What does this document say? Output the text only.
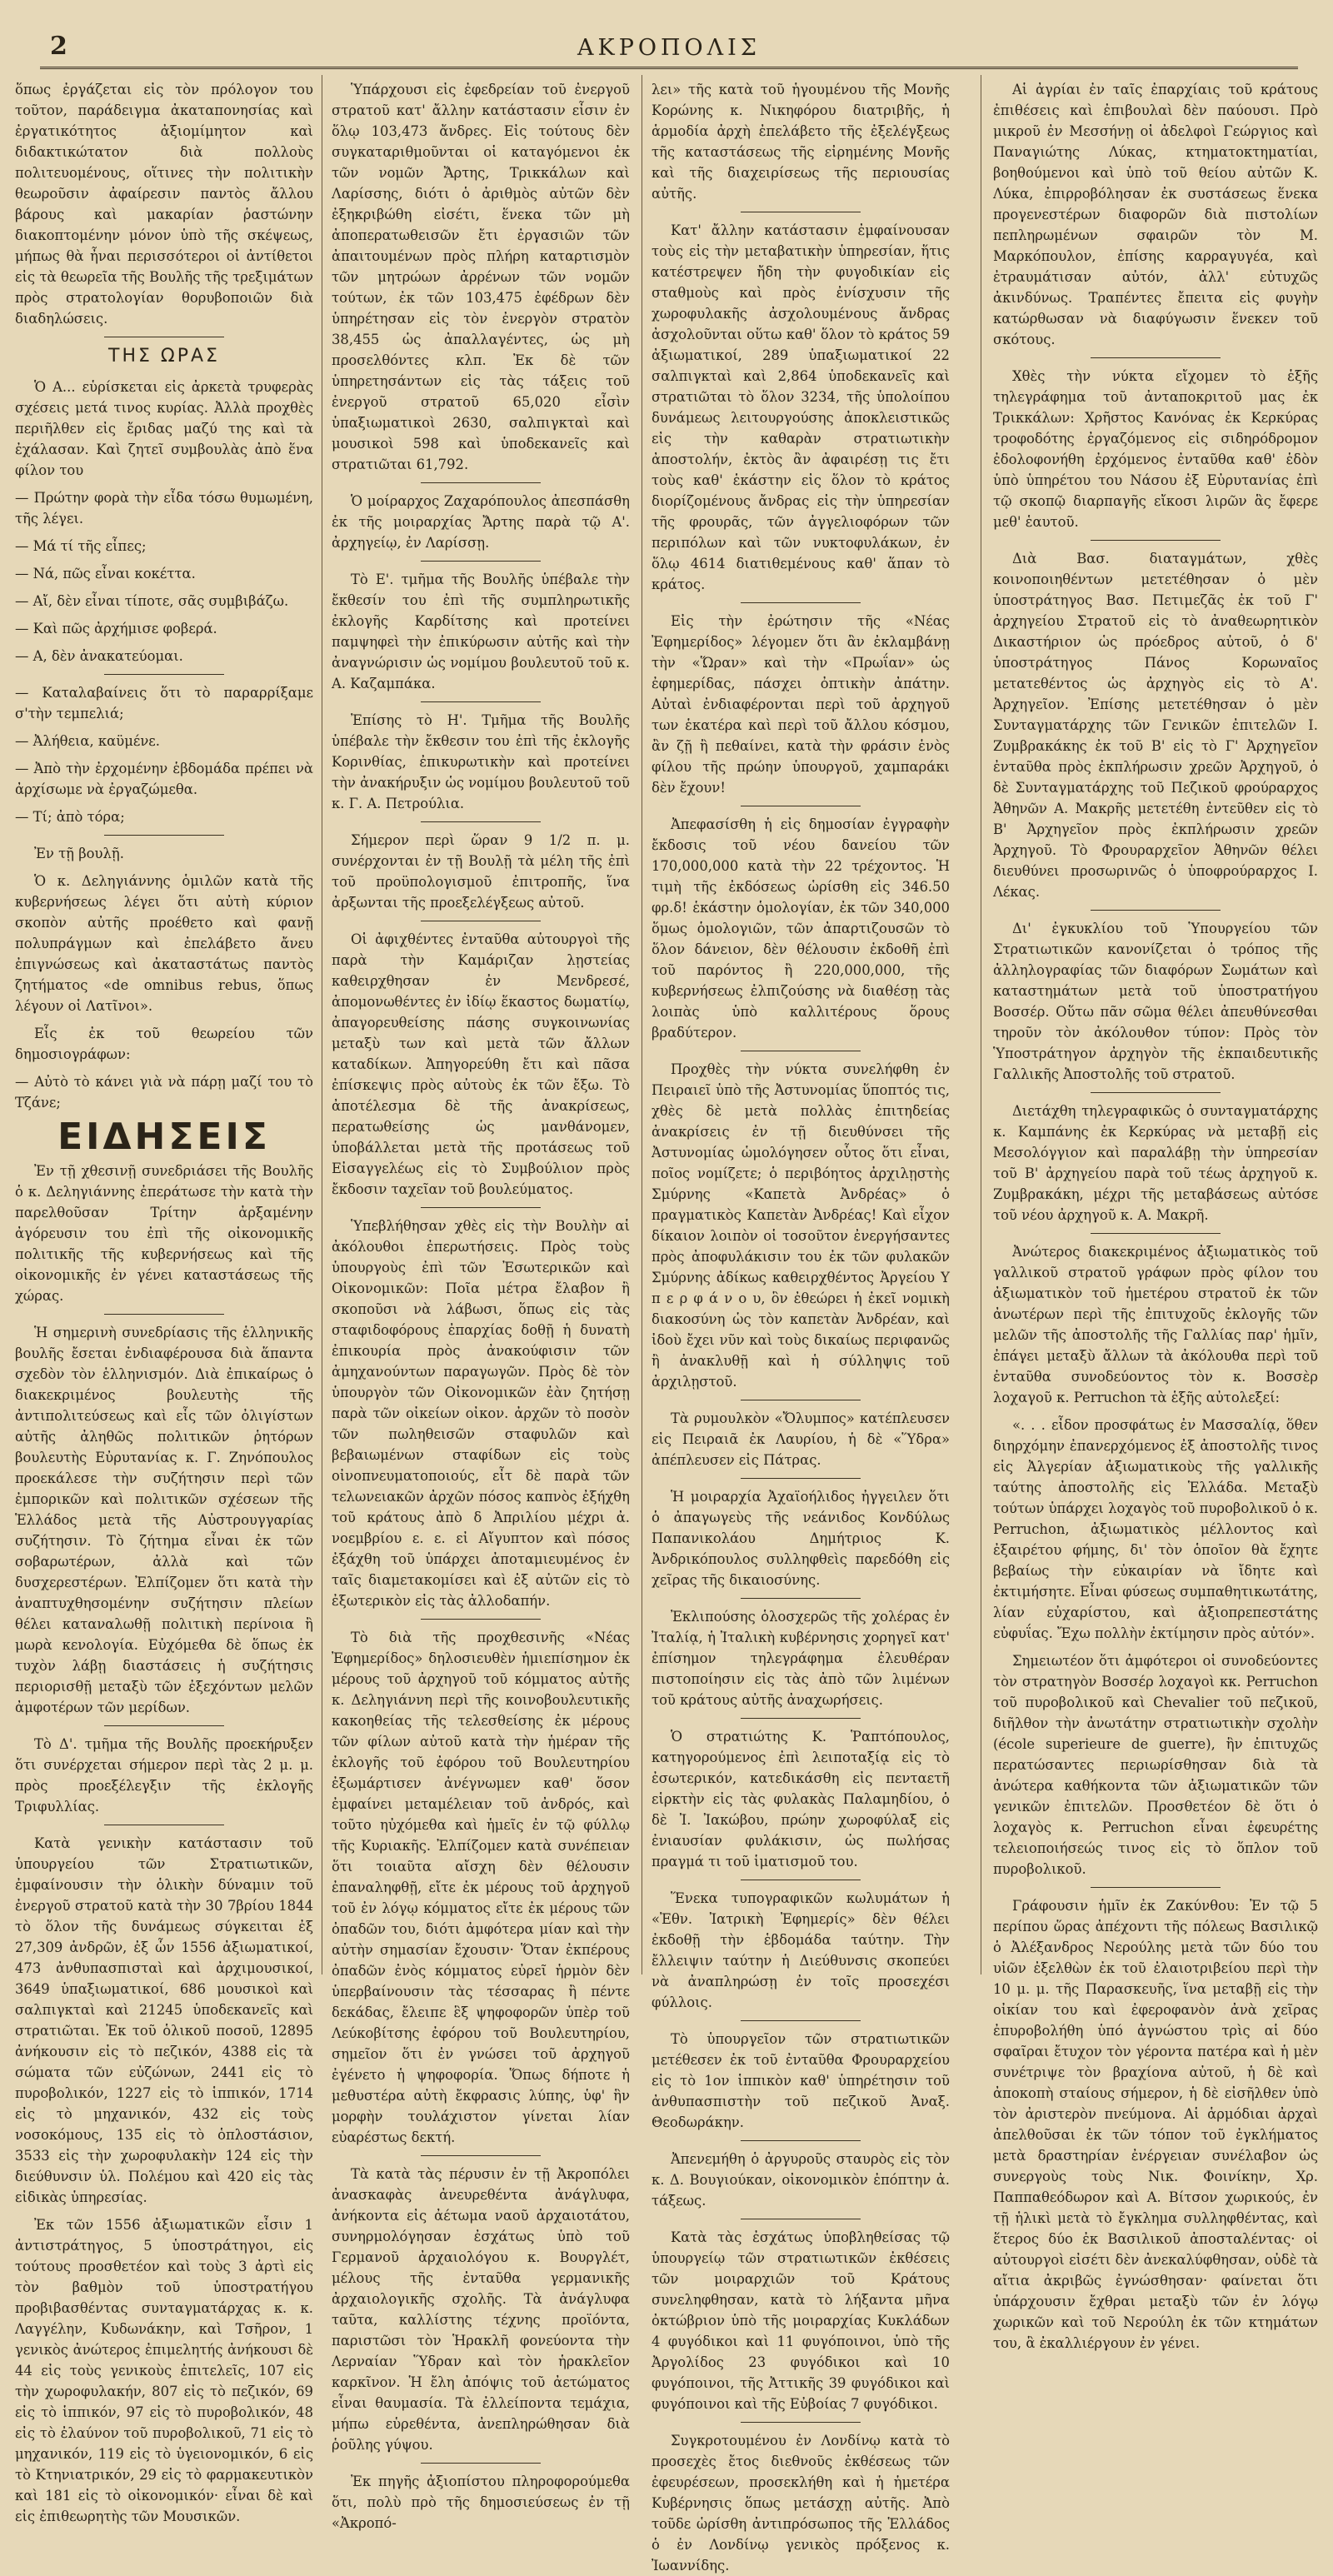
2	ΑΚΡΟΠΟΛΙΣ

ὅπως ἐργάζεται εἰς τὸν πρόλογον του τοῦτον, παράδειγμα ἀκαταπονησίας καὶ ἐργατικότητος ἀξιομίμητον καὶ διδακτικώτατον διὰ πολλοὺς πολιτευομένους, οἵτινες τὴν πολιτικὴν θεωροῦσιν ἀφαίρεσιν παντὸς ἄλλου βάρους καὶ μακαρίαν ῥαστώνην διακοπτομένην μόνον ὑπὸ τῆς σκέψεως, μήπως θὰ ἦναι περισσότεροι οἱ ἀντίθετοι εἰς τὰ θεωρεῖα τῆς Βουλῆς τῆς τρεξιμάτων πρὸς στρατολογίαν θορυβοποιῶν διὰ διαδηλώσεις.

ΤΗΣ ΩΡΑΣ

Ὁ Α... εὑρίσκεται εἰς ἀρκετὰ τρυφερὰς σχέσεις μετά τινος κυρίας. Ἀλλὰ προχθὲς περιῆλθεν εἰς ἔριδας μαζύ της καὶ τὰ ἐχάλασαν. Καὶ ζητεῖ συμβουλὰς ἀπὸ ἕνα φίλον του

— Πρώτην φορὰ τὴν εἶδα τόσω θυμωμένη, τῆς λέγει.

— Μά τί τῆς εἶπες;

— Νά, πῶς εἶναι κοκέττα.

— Αἴ, δὲν εἶναι τίποτε, σᾶς συμβιβάζω.

— Καὶ πῶς ἀρχήμισε φοβερά.

— Α, δὲν ἀνακατεύομαι.

— Καταλαβαίνεις ὅτι τὸ παραρρίξαμε σ'τὴν τεμπελιά;

— Ἀλήθεια, καϋμένε.

— Ἀπὸ τὴν ἐρχομένην ἑβδομάδα πρέπει νὰ ἀρχίσωμε νὰ ἐργαζώμεθα.

— Τί; ἀπὸ τόρα;

Ἐν τῇ βουλῇ.

Ὁ κ. Δεληγιάννης ὁμιλῶν κατὰ τῆς κυβερνήσεως λέγει ὅτι αὐτὴ κύριον σκοπὸν αὐτῆς προέθετο καὶ φανῇ πολυπράγμων καὶ ἐπελάβετο ἄνευ ἐπιγνώσεως καὶ ἀκαταστάτως παντὸς ζητήματος «de omnibus rebus, ὅπως λέγουν οἱ Λατῖνοι».

Εἷς ἐκ τοῦ θεωρείου τῶν δημοσιογράφων:

— Αὐτὸ τὸ κάνει γιὰ νὰ πάρῃ μαζί του τὸ Τζάνε;

ΕΙΔΗΣΕΙΣ

Ἐν τῇ χθεσινῇ συνεδριάσει τῆς Βουλῆς ὁ κ. Δεληγιάννης ἐπεράτωσε τὴν κατὰ τὴν παρελθοῦσαν Τρίτην ἀρξαμένην ἀγόρευσιν του ἐπὶ τῆς οἰκονομικῆς πολιτικῆς τῆς κυβερνήσεως καὶ τῆς οἰκονομικῆς ἐν γένει καταστάσεως τῆς χώρας.

Ἡ σημερινὴ συνεδρίασις τῆς ἑλληνικῆς βουλῆς ἔσεται ἐνδιαφέρουσα διὰ ἅπαντα σχεδὸν τὸν ἑλληνισμόν. Διὰ ἐπικαίρως ὁ διακεκριμένος βουλευτὴς τῆς ἀντιπολιτεύσεως καὶ εἷς τῶν ὀλιγίστων αὐτῆς ἀληθῶς πολιτικῶν ῥητόρων βουλευτὴς Εὐρυτανίας κ. Γ. Ζηνόπουλος προεκάλεσε τὴν συζήτησιν περὶ τῶν ἐμπορικῶν καὶ πολιτικῶν σχέσεων τῆς Ἑλλάδος μετὰ τῆς Αὐστρουγγαρίας συζήτησιν. Τὸ ζήτημα εἶναι ἐκ τῶν σοβαρωτέρων, ἀλλὰ καὶ τῶν δυσχερεστέρων. Ἐλπίζομεν ὅτι κατὰ τὴν ἀναπτυχθησομένην συζήτησιν πλείων θέλει καταναλωθῇ πολιτικὴ περίνοια ἢ μωρὰ κενολογία. Εὐχόμεθα δὲ ὅπως ἐκ τυχὸν λάβῃ διαστάσεις ἡ συζήτησις περιορισθῇ μεταξὺ τῶν ἐξεχόντων μελῶν ἀμφοτέρων τῶν μερίδων.

Τὸ Δ'. τμῆμα τῆς Βουλῆς προεκήρυξεν ὅτι συνέρχεται σήμερον περὶ τὰς 2 μ. μ. πρὸς προεξέλεγξιν τῆς ἐκλογῆς Τριφυλλίας.

Κατὰ γενικὴν κατάστασιν τοῦ ὑπουργείου τῶν Στρατιωτικῶν, ἐμφαίνουσιν τὴν ὁλικὴν δύναμιν τοῦ ἐνεργοῦ στρατοῦ κατὰ τὴν 30 7βρίου 1844 τὸ ὅλον τῆς δυνάμεως σύγκειται ἐξ 27,309 ἀνδρῶν, ἐξ ὧν 1556 ἀξιωματικοί, 473 ἀνθυπασπισταὶ καὶ ἀρχιμουσικοί, 3649 ὑπαξιωματικοί, 686 μουσικοὶ καὶ σαλπιγκταὶ καὶ 21245 ὑποδεκανεῖς καὶ στρατιῶται. Ἐκ τοῦ ὁλικοῦ ποσοῦ, 12895 ἀνήκουσιν εἰς τὸ πεζικόν, 4388 εἰς τὰ σώματα τῶν εὐζώνων, 2441 εἰς τὸ πυροβολικόν, 1227 εἰς τὸ ἱππικόν, 1714 εἰς τὸ μηχανικόν, 432 εἰς τοὺς νοσοκόμους, 135 εἰς τὸ ὁπλοστάσιον, 3533 εἰς τὴν χωροφυλακὴν 124 εἰς τὴν διεύθυνσιν ὑλ. Πολέμου καὶ 420 εἰς τὰς εἰδικὰς ὑπηρεσίας.

Ἐκ τῶν 1556 ἀξιωματικῶν εἶσιν 1 ἀντιστράτηγος, 5 ὑποστράτηγοι, εἰς τούτους προσθετέον καὶ τοὺς 3 ἀρτὶ εἰς τὸν βαθμὸν τοῦ ὑποστρατήγου προβιβασθέντας συνταγματάρχας κ. κ. Λαγγέλην, Κυδωνάκην, καὶ Τσῆρον, 1 γενικὸς ἀνώτερος ἐπιμελητής ἀνήκουσι δὲ 44 εἰς τοὺς γενικοὺς ἐπιτελεῖς, 107 εἰς τὴν χωροφυλακήν, 807 εἰς τὸ πεζικόν, 69 εἰς τὸ ἱππικόν, 97 εἰς τὸ πυροβολικόν, 48 εἰς τὸ ἐλαύνον τοῦ πυροβολικοῦ, 71 εἰς τὸ μηχανικόν, 119 εἰς τὸ ὑγειονομικόν, 6 εἰς τὸ Κτηνιατρικόν, 29 εἰς τὸ φαρμακευτικὸν καὶ 181 εἰς τὸ οἰκονομικόν· εἶναι δὲ καὶ εἰς ἐπιθεωρητὴς τῶν Μουσικῶν.

Ὑπάρχουσι εἰς ἐφεδρείαν τοῦ ἐνεργοῦ στρατοῦ κατ' ἄλλην κατάστασιν εἶσιν ἐν ὅλῳ 103,473 ἄνδρες. Εἰς τούτους δὲν συγκαταριθμοῦνται οἱ καταγόμενοι ἐκ τῶν νομῶν Ἄρτης, Τρικκάλων καὶ Λαρίσσης, διότι ὁ ἀριθμὸς αὐτῶν δὲν ἐξηκριβώθη εἰσέτι, ἕνεκα τῶν μὴ ἀποπερατωθεισῶν ἔτι ἐργασιῶν τῶν ἀπαιτουμένων πρὸς πλήρη καταρτισμὸν τῶν μητρώων ἀρρένων τῶν νομῶν τούτων, ἐκ τῶν 103,475 ἐφέδρων δὲν ὑπηρέτησαν εἰς τὸν ἐνεργὸν στρατὸν 38,455 ὡς ἀπαλλαγέντες, ὡς μὴ προσελθόντες κλπ. Ἐκ δὲ τῶν ὑπηρετησάντων εἰς τὰς τάξεις τοῦ ἐνεργοῦ στρατοῦ 65,020 εἶσὶν ὑπαξιωματικοὶ 2630, σαλπιγκταὶ καὶ μουσικοὶ 598 καὶ ὑποδεκανεῖς καὶ στρατιῶται 61,792.

Ὁ μοίραρχος Ζαχαρόπουλος ἀπεσπάσθη ἐκ τῆς μοιραρχίας Ἄρτης παρὰ τῷ Α'. ἀρχηγείῳ, ἐν Λαρίσσῃ.

Τὸ Ε'. τμῆμα τῆς Βουλῆς ὑπέβαλε τὴν ἔκθεσίν του ἐπὶ τῆς συμπληρωτικῆς ἐκλογῆς Καρδίτσης καὶ προτείνει παμψηφεὶ τὴν ἐπικύρωσιν αὐτῆς καὶ τὴν ἀναγνώρισιν ὡς νομίμου βουλευτοῦ τοῦ κ. Α. Καζαμπάκα.

Ἐπίσης τὸ Η'. Τμῆμα τῆς Βουλῆς ὑπέβαλε τὴν ἔκθεσιν του ἐπὶ τῆς ἐκλογῆς Κορινθίας, ἐπικυρωτικὴν καὶ προτείνει τὴν ἀνακήρυξιν ὡς νομίμου βουλευτοῦ τοῦ κ. Γ. Α. Πετρούλια.

Σήμερον περὶ ὥραν 9 1/2 π. μ. συνέρχονται ἐν τῇ Βουλῇ τὰ μέλη τῆς ἐπὶ τοῦ προϋπολογισμοῦ ἐπιτροπῆς, ἵνα ἀρξωνται τῆς προεξελέγξεως αὐτοῦ.

Οἱ ἀφιχθέντες ἐνταῦθα αὐτουργοὶ τῆς παρὰ τὴν Καμάριζαν λῃστείας καθειρχθησαν ἐν Μενδρεσέ, ἀπομονωθέντες ἐν ἰδίῳ ἕκαστος δωματίῳ, ἀπαγορευθείσης πάσης συγκοινωνίας μεταξὺ των καὶ μετὰ τῶν ἄλλων καταδίκων. Ἀπηγορεύθη ἔτι καὶ πᾶσα ἐπίσκεψις πρὸς αὐτοὺς ἐκ τῶν ἔξω. Τὸ ἀποτέλεσμα δὲ τῆς ἀνακρίσεως, περατωθείσης ὡς μανθάνομεν, ὑποβάλλεται μετὰ τῆς προτάσεως τοῦ Εἰσαγγελέως εἰς τὸ Συμβούλιον πρὸς ἔκδοσιν ταχεῖαν τοῦ βουλεύματος.

Ὑπεβλήθησαν χθὲς εἰς τὴν Βουλὴν αἱ ἀκόλουθοι ἐπερωτήσεις. Πρὸς τοὺς ὑπουργοὺς ἐπὶ τῶν Ἐσωτερικῶν καὶ Οἰκονομικῶν: Ποῖα μέτρα ἔλαβον ἢ σκοποῦσι νὰ λάβωσι, ὅπως εἰς τὰς σταφιδοφόρους ἐπαρχίας δοθῇ ἡ δυνατὴ ἐπικουρία πρὸς ἀνακούφισιν τῶν ἀμηχανούντων παραγωγῶν. Πρὸς δὲ τὸν ὑπουργὸν τῶν Οἰκονομικῶν ἐὰν ζητήσῃ παρὰ τῶν οἰκείων οἰκον. ἀρχῶν τὸ ποσὸν τῶν πωληθεισῶν σταφυλῶν καὶ βεβαιωμένων σταφίδων εἰς τοὺς οἰνοπνευματοποιούς, εἶτ δὲ παρὰ τῶν τελωνειακῶν ἀρχῶν πόσος καπνὸς ἐξήχθη τοῦ κράτους ἀπὸ δ Ἀπριλίου μέχρι ἀ. νοεμβρίου ε. ε. εἰ Αἴγυπτον καὶ πόσος ἐξάχθη τοῦ ὑπάρχει ἀποταμιευμένος ἐν ταῖς διαμετακομίσει καὶ ἐξ αὐτῶν εἰς τὸ ἐξωτερικὸν εἰς τὰς ἀλλοδαπήν.

Τὸ διὰ τῆς προχθεσινῆς «Νέας Ἐφημερίδος» δηλοσιευθὲν ἡμιεπίσημον ἐκ μέρους τοῦ ἀρχηγοῦ τοῦ κόμματος αὐτῆς κ. Δεληγιάννη περὶ τῆς κοινοβουλευτικῆς κακοηθείας τῆς τελεσθείσης ἐκ μέρους τῶν φίλων αὐτοῦ κατὰ τὴν ἡμέραν τῆς ἐκλογῆς τοῦ ἐφόρου τοῦ Βουλευτηρίου ἐξωμάρτισεν ἀνέγνωμεν καθ' ὅσον ἐμφαίνει μεταμέλειαν τοῦ ἀνδρός, καὶ τοῦτο ηὐχόμεθα καὶ ἡμεῖς ἐν τῷ φύλλῳ τῆς Κυριακῆς. Ἐλπίζομεν κατὰ συνέπειαν ὅτι τοιαῦτα αἴσχη δὲν θέλουσιν ἐπαναληφθῇ, εἴτε ἐκ μέρους τοῦ ἀρχηγοῦ τοῦ ἐν λόγῳ κόμματος εἴτε ἐκ μέρους τῶν ὀπαδῶν του, διότι ἀμφότερα μίαν καὶ τὴν αὐτὴν σημασίαν ἔχουσιν· Ὅταν ἐκπέρους ὀπαδῶν ἐνὸς κόμματος εὐρεῖ ἡρμὸν δὲν ὑπερβαίνουσιν τὰς τέσσαρας ἢ πέντε δεκάδας, ἔλειπε ἓξ ψηφοφορῶν ὑπὲρ τοῦ Λεύκοβίτσης ἐφόρου τοῦ Βουλευτηρίου, σημεῖον ὅτι ἐν γνώσει τοῦ ἀρχηγοῦ ἐγένετο ἡ ψηφοφορία. Ὅπως δήποτε ἡ μεθυστέρα αὐτὴ ἔκφρασις λύπης, ὑφ' ἣν μορφὴν τουλάχιστον γίνεται λίαν εὐαρέστως δεκτή.

Τὰ κατὰ τὰς πέρυσιν ἐν τῇ Ἀκροπόλει ἀνασκαφὰς ἀνευρεθέντα ἀνάγλυφα, ἀνήκοντα εἰς ἀέτωμα ναοῦ ἀρχαιοτάτου, συνηρμολόγησαν ἐσχάτως ὑπὸ τοῦ Γερμανοῦ ἀρχαιολόγου κ. Βουργλέτ, μέλους τῆς ἐνταῦθα γερμανικῆς ἀρχαιολογικῆς σχολῆς. Τὰ ἀνάγλυφα ταῦτα, καλλίστης τέχνης προϊόντα, παριστῶσι τὸν Ἡρακλῆ φονεύοντα τὴν Λερναίαν Ὕδραν καὶ τὸν ἡρακλεῖον καρκῖνον. Ἡ ἔλη ἀπόψις τοῦ ἀετώματος εἶναι θαυμασία. Τὰ ἐλλείποντα τεμάχια, μήπω εὑρεθέντα, ἀνεπληρώθησαν διὰ ῥοῦλης γύψου.

Ἐκ πηγῆς ἀξιοπίστου πληροφορούμεθα ὅτι, πολὺ πρὸ τῆς δημοσιεύσεως ἐν τῇ «Ἀκροπό-

λει» τῆς κατὰ τοῦ ἡγουμένου τῆς Μονῆς Κορώνης κ. Νικηφόρου διατριβῆς, ἡ ἁρμοδία ἀρχὴ ἐπελάβετο τῆς ἐξελέγξεως τῆς καταστάσεως τῆς εἰρημένης Μονῆς καὶ τῆς διαχειρίσεως τῆς περιουσίας αὐτῆς.

Κατ' ἄλλην κατάστασιν ἐμφαίνουσαν τοὺς εἰς τὴν μεταβατικὴν ὑπηρεσίαν, ἥτις κατέστρεψεν ἤδη τὴν φυγοδικίαν εἰς σταθμοὺς καὶ πρὸς ἐνίσχυσιν τῆς χωροφυλακῆς ἀσχολουμένους ἄνδρας ἀσχολοῦνται οὕτω καθ' ὅλον τὸ κράτος 59 ἀξιωματικοί, 289 ὑπαξιωματικοί 22 σαλπιγκταὶ καὶ 2,864 ὑποδεκανεῖς καὶ στρατιῶται τὸ ὅλον 3234, τῆς ὑπολοίπου δυνάμεως λειτουργούσης ἀποκλειστικῶς εἰς τὴν καθαρὰν στρατιωτικὴν ἀποστολήν, ἐκτὸς ἂν ἀφαιρέσῃ τις ἔτι τοὺς καθ' ἑκάστην εἰς ὅλον τὸ κράτος διορίζομένους ἄνδρας εἰς τὴν ὑπηρεσίαν τῆς φρουρᾶς, τῶν ἀγγελιοφόρων τῶν περιπόλων καὶ τῶν νυκτοφυλάκων, ἐν ὅλῳ 4614 διατιθεμένους καθ' ἅπαν τὸ κράτος.

Εἰς τὴν ἐρώτησιν τῆς «Νέας Ἐφημερίδος» λέγομεν ὅτι ἂν ἐκλαμβάνῃ τὴν «Ὥραν» καὶ τὴν «Πρωΐαν» ὡς ἐφημερίδας, πάσχει ὀπτικὴν ἀπάτην. Αὐταὶ ἐνδιαφέρονται περὶ τοῦ ἀρχηγοῦ των ἑκατέρα καὶ περὶ τοῦ ἄλλου κόσμου, ἂν ζῇ ἢ πεθαίνει, κατὰ τὴν φράσιν ἑνὸς φίλου τῆς πρώην ὑπουργοῦ, χαμπαράκι δὲν ἔχουν!

Ἀπεφασίσθη ἡ εἰς δημοσίαν ἐγγραφὴν ἔκδοσις τοῦ νέου δανείου τῶν 170,000,000 κατὰ τὴν 22 τρέχοντος. Ἡ τιμὴ τῆς ἐκδόσεως ὡρίσθη εἰς 346.50 φρ.δ! ἑκάστην ὁμολογίαν, ἐκ τῶν 340,000 ὅμως ὁμολογιῶν, τῶν ἀπαρτιζουσῶν τὸ ὅλον δάνειον, δὲν θέλουσιν ἐκδοθῆ ἐπὶ τοῦ παρόντος ἢ 220,000,000, τῆς κυβερνήσεως ἐλπιζούσης νὰ διαθέσῃ τὰς λοιπὰς ὑπὸ καλλιτέρους ὅρους βραδύτερον.

Προχθὲς τὴν νύκτα συνελήφθη ἐν Πειραιεῖ ὑπὸ τῆς Ἀστυνομίας ὕποπτός τις, χθὲς δὲ μετὰ πολλὰς ἐπιτηδείας ἀνακρίσεις ἐν τῇ διευθύνσει τῆς Ἀστυνομίας ὡμολόγησεν οὗτος ὅτι εἶναι, ποῖος νομίζετε; ὁ περιβόητος ἀρχιλῃστὴς Σμύρνης «Καπετὰ Ἀνδρέας» ὁ πραγματικὸς Καπετὰν Ἀνδρέας! Καὶ εἶχον δίκαιον λοιπὸν οἱ τοσοῦτον ἐνεργήσαντες πρὸς ἀποφυλάκισιν του ἐκ τῶν φυλακῶν Σμύρνης ἀδίκως καθειρχθέντος Ἀργείου Υ π ε ρ φ ά ν ο υ, ὃν ἐθεώρει ἡ ἐκεῖ νομικὴ διακοσύνη ὡς τὸν καπετὰν Ἀνδρέαν, καὶ ἰδοὺ ἔχει νῦν καὶ τοὺς δικαίως περιφανῶς ἢ ἀνακλυθῇ καὶ ἡ σύλληψις τοῦ ἀρχιλῃστοῦ.

Τὰ ρυμουλκὸν «Ὄλυμπος» κατέπλευσεν εἰς Πειραιᾶ ἐκ Λαυρίου, ἡ δὲ «Ὕδρα» ἀπέπλευσεν εἰς Πάτρας.

Ἡ μοιραρχία Ἀχαϊοήλιδος ἠγγειλεν ὅτι ὁ ἀπαγωγεὺς τῆς νεάνιδος Κονδύλως Παπανικολάου Δημήτριος Κ. Ἀνδρικόπουλος συλληφθεὶς παρεδόθη εἰς χεῖρας τῆς δικαιοσύνης.

Ἐκλιπούσης ὁλοσχερῶς τῆς χολέρας ἐν Ἰταλίᾳ, ἡ Ἰταλικὴ κυβέρνησις χορηγεῖ κατ' ἐπίσημον τηλεγράφημα ἐλευθέραν πιστοποίησιν εἰς τὰς ἀπὸ τῶν λιμένων τοῦ κράτους αὐτῆς ἀναχωρήσεις.

Ὁ στρατιώτης Κ. Ῥαπτόπουλος, κατηγορούμενος ἐπὶ λειποταξίᾳ εἰς τὸ ἐσωτερικόν, κατεδικάσθη εἰς πενταετῆ εἱρκτὴν εἰς τὰς φυλακὰς Παλαμηδίου, ὁ δὲ Ἰ. Ἰακώβου, πρώην χωροφύλαξ εἰς ἐνιαυσίαν φυλάκισιν, ὡς πωλήσας πραγμά τι τοῦ ἱματισμοῦ του.

Ἕνεκα τυπογραφικῶν κωλυμάτων ἡ «Ἐθν. Ἰατρικὴ Ἐφημερίς» δὲν θέλει ἐκδοθῇ τὴν ἑβδομάδα ταύτην. Τὴν ἔλλειψιν ταύτην ἡ Διεύθυνσις σκοπεύει νὰ ἀναπληρώσῃ ἐν τοῖς προσεχέσι φύλλοις.

Τὸ ὑπουργεῖον τῶν στρατιωτικῶν μετέθεσεν ἐκ τοῦ ἐνταῦθα Φρουραρχείου εἰς τὸ 1ον ἱππικὸν καθ' ὑπηρέτησιν τοῦ ἀνθυπασπιστὴν τοῦ πεζικοῦ Ἀναξ. Θεοδωράκην.

Ἀπενεμήθη ὁ ἀργυροῦς σταυρὸς εἰς τὸν κ. Δ. Βουγιούκαν, οἰκονομικὸν ἐπόπτην ἀ. τάξεως.

Κατὰ τὰς ἐσχάτως ὑποβληθείσας τῷ ὑπουργείῳ τῶν στρατιωτικῶν ἐκθέσεις τῶν μοιραρχιῶν τοῦ Κράτους συνεληφθησαν, κατὰ τὸ λήξαντα μῆνα ὀκτώβριον ὑπὸ τῆς μοιραρχίας Κυκλάδων 4 φυγόδικοι καὶ 11 φυγόποινοι, ὑπὸ τῆς Ἀργολίδος 23 φυγόδικοι καὶ 10 φυγόποινοι, τῆς Ἀττικῆς 39 φυγόδικοι καὶ φυγόποινοι καὶ τῆς Εὐβοίας 7 φυγόδικοι.

Συγκροτουμένου ἐν Λονδίνῳ κατὰ τὸ προσεχὲς ἔτος διεθνοῦς ἐκθέσεως τῶν ἐφευρέσεων, προσεκλήθη καὶ ἡ ἡμετέρα Κυβέρνησις ὅπως μετάσχῃ αὐτῆς. Ἀπὸ τοῦδε ὡρίσθη ἀντιπρόσωπος τῆς Ἑλλάδος ὁ ἐν Λονδίνῳ γενικὸς πρόξενος κ. Ἰωαννίδης.

Αἱ ἀγρίαι ἐν ταῖς ἐπαρχίαις τοῦ κράτους ἐπιθέσεις καὶ ἐπιβουλαὶ δὲν παύουσι. Πρὸ μικροῦ ἐν Μεσσήνῃ οἱ ἀδελφοὶ Γεώργιος καὶ Παναγιώτης Λύκας, κτηματοκτηματίαι, βοηθούμενοι καὶ ὑπὸ τοῦ θείου αὐτῶν Κ. Λύκα, ἐπιρροβόλησαν ἐκ συστάσεως ἕνεκα προγενεστέρων διαφορῶν διὰ πιστολίων πεπληρωμένων σφαιρῶν τὸν Μ. Μαρκόπουλον, ἐπίσης καρραγυγέα, καὶ ἐτραυμάτισαν αὐτόν, ἀλλ' εὐτυχῶς ἀκινδύνως. Τραπέντες ἔπειτα εἰς φυγὴν κατώρθωσαν νὰ διαφύγωσιν ἕνεκεν τοῦ σκότους.

Χθὲς τὴν νύκτα εἴχομεν τὸ ἑξῆς τηλεγράφημα τοῦ ἀνταποκριτοῦ μας ἐκ Τρικκάλων: Χρῆστος Κανόνας ἐκ Κερκύρας τροφοδότης ἐργαζόμενος εἰς σιδηρόδρομον ἐδολοφονήθη ἐρχόμενος ἐνταῦθα καθ' ἑδὸν ὑπὸ ὑπηρέτου του Νάσου ἐξ Εὐρυτανίας ἐπὶ τῷ σκοπῷ διαρπαγῆς εἴκοσι λιρῶν ἃς ἔφερε μεθ' ἑαυτοῦ.

Διὰ Βασ. διαταγμάτων, χθὲς κοινοποιηθέντων μετετέθησαν ὁ μὲν ὑποστράτηγος Βασ. Πετιμεζᾶς ἐκ τοῦ Γ' ἀρχηγείου Στρατοῦ εἰς τὸ ἀναθεωρητικὸν Δικαστήριον ὡς πρόεδρος αὐτοῦ, ὁ δ' ὑποστράτηγος Πάνος Κορωναῖος μετατεθέντος ὡς ἀρχηγὸς εἰς τὸ Α'. Ἀρχηγεῖον. Ἐπίσης μετετέθησαν ὁ μὲν Συνταγματάρχης τῶν Γενικῶν ἐπιτελῶν Ι. Ζυμβρακάκης ἐκ τοῦ Β' εἰς τὸ Γ' Ἀρχηγεῖον ἐνταῦθα πρὸς ἐκπλήρωσιν χρεῶν Ἀρχηγοῦ, ὁ δὲ Συνταγματάρχης τοῦ Πεζικοῦ φρούραρχος Ἀθηνῶν Α. Μακρῆς μετετέθη ἐντεῦθεν εἰς τὸ Β' Ἀρχηγεῖον πρὸς ἐκπλήρωσιν χρεῶν Ἀρχηγοῦ. Τὸ Φρουραρχεῖον Ἀθηνῶν θέλει διευθύνει προσωρινῶς ὁ ὑποφρούραρχος Ι. Λέκας.

Δι' ἐγκυκλίου τοῦ Ὑπουργείου τῶν Στρατιωτικῶν κανονίζεται ὁ τρόπος τῆς ἀλληλογραφίας τῶν διαφόρων Σωμάτων καὶ καταστημάτων μετὰ τοῦ ὑποστρατήγου Βοσσέρ. Οὕτω πᾶν σῶμα θέλει ἀπευθύνεσθαι τηροῦν τὸν ἀκόλουθον τύπον: Πρὸς τὸν Ὑποστράτηγον ἀρχηγὸν τῆς ἐκπαιδευτικῆς Γαλλικῆς Ἀποστολῆς τοῦ στρατοῦ.

Διετάχθη τηλεγραφικῶς ὁ συνταγματάρχης κ. Καμπάνης ἐκ Κερκύρας νὰ μεταβῇ εἰς Μεσολόγγιον καὶ παραλάβῃ τὴν ὑπηρεσίαν τοῦ Β' ἀρχηγείου παρὰ τοῦ τέως ἀρχηγοῦ κ. Ζυμβρακάκη, μέχρι τῆς μεταβάσεως αὐτόσε τοῦ νέου ἀρχηγοῦ κ. Α. Μακρῆ.

Ἀνώτερος διακεκριμένος ἀξιωματικὸς τοῦ γαλλικοῦ στρατοῦ γράφων πρὸς φίλον του ἀξιωματικὸν τοῦ ἡμετέρου στρατοῦ ἐκ τῶν ἀνωτέρων περὶ τῆς ἐπιτυχοῦς ἐκλογῆς τῶν μελῶν τῆς ἀποστολῆς τῆς Γαλλίας παρ' ἡμῖν, ἐπάγει μεταξὺ ἄλλων τὰ ἀκόλουθα περὶ τοῦ ἐνταῦθα συνοδεύοντος τὸν κ. Βοσσὲρ λοχαγοῦ κ. Perruchon τὰ ἑξῆς αὐτολεξεί:

«. . . εἶδον προσφάτως ἐν Μασσαλίᾳ, ὅθεν διηρχόμην ἐπανερχόμενος ἐξ ἀποστολῆς τινος εἰς Ἀλγερίαν ἀξιωματικοὺς τῆς γαλλικῆς ταύτης ἀποστολῆς εἰς Ἑλλάδα. Μεταξὺ τούτων ὑπάρχει λοχαγὸς τοῦ πυροβολικοῦ ὁ κ. Perruchon, ἀξιωματικὸς μέλλοντος καὶ ἐξαιρέτου φήμης, δι' τὸν ὁποῖον θὰ ἔχητε βεβαίως τὴν εὐκαιρίαν νὰ ἴδητε καὶ ἐκτιμήσητε. Εἶναι φύσεως συμπαθητικωτάτης, λίαν εὐχαρίστου, καὶ ἀξιοπρεπεστάτης εὐφυΐας. Ἔχω πολλὴν ἐκτίμησιν πρὸς αὐτόν».

Σημειωτέον ὅτι ἀμφότεροι οἱ συνοδεύοντες τὸν στρατηγὸν Βοσσέρ λοχαγοὶ κκ. Perruchon τοῦ πυροβολικοῦ καὶ Chevalier τοῦ πεζικοῦ, διῆλθον τὴν ἀνωτάτην στρατιωτικὴν σχολὴν (école superieure de guerre), ἣν ἐπιτυχῶς περατώσαντες περιωρίσθησαν διὰ τὰ ἀνώτερα καθήκοντα τῶν ἀξιωματικῶν τῶν γενικῶν ἐπιτελῶν. Προσθετέον δὲ ὅτι ὁ λοχαγὸς κ. Perruchon εἶναι ἐφευρέτης τελειοποιήσεώς τινος εἰς τὸ ὅπλον τοῦ πυροβολικοῦ.

Γράφουσιν ἡμῖν ἐκ Ζακύνθου: Ἐν τῷ 5 περίπου ὥρας ἀπέχοντι τῆς πόλεως Βασιλικῷ ὁ Ἀλέξανδρος Νερούλης μετὰ τῶν δύο του υἱῶν ἐξελθὼν ἐκ τοῦ ἐλαιοτριβείου περὶ τὴν 10 μ. μ. τῆς Παρασκευῆς, ἵνα μεταβῇ εἰς τὴν οἰκίαν του καὶ ἐφεροφανὸν ἀνὰ χεῖρας ἐπυροβολήθη ὑπό ἀγνώστου τρὶς αἱ δύο σφαῖραι ἔτυχον τὸν γέροντα πατέρα καὶ ἡ μὲν συνέτριψε τὸν βραχίονα αὐτοῦ, ἡ δὲ καὶ ἀποκοπὴ σταίους σήμερον, ἡ δὲ εἰσῆλθεν ὑπὸ τὸν ἀριστερὸν πνεύμονα. Αἱ ἁρμόδιαι ἀρχαὶ ἀπελθοῦσαι ἐκ τῶν τόπον τοῦ ἐγκλήματος μετὰ δραστηρίαν ἐνέργειαν συνέλαβον ὡς συνεργοὺς τοὺς Νικ. Φοινίκην, Χρ. Παππαθεόδωρον καὶ Α. Βίτσον χωρικούς, ἐν τῇ ἡλικὶ μετὰ τὸ ἔγκλημα συλληφθέντας, καὶ ἕτερος δύο ἐκ Βασιλικοῦ ἀποσταλέντας· οἱ αὐτουργοὶ εἰσέτι δὲν ἀνεκαλύφθησαν, οὐδὲ τὰ αἴτια ἀκριβῶς ἐγνώσθησαν· φαίνεται ὅτι ὑπάρχουσιν ἔχθραι μεταξὺ τῶν ἐν λόγῳ χωρικῶν καὶ τοῦ Νερούλη ἐκ τῶν κτημάτων του, ἃ ἐκαλλιέργουν ἐν γένει.
